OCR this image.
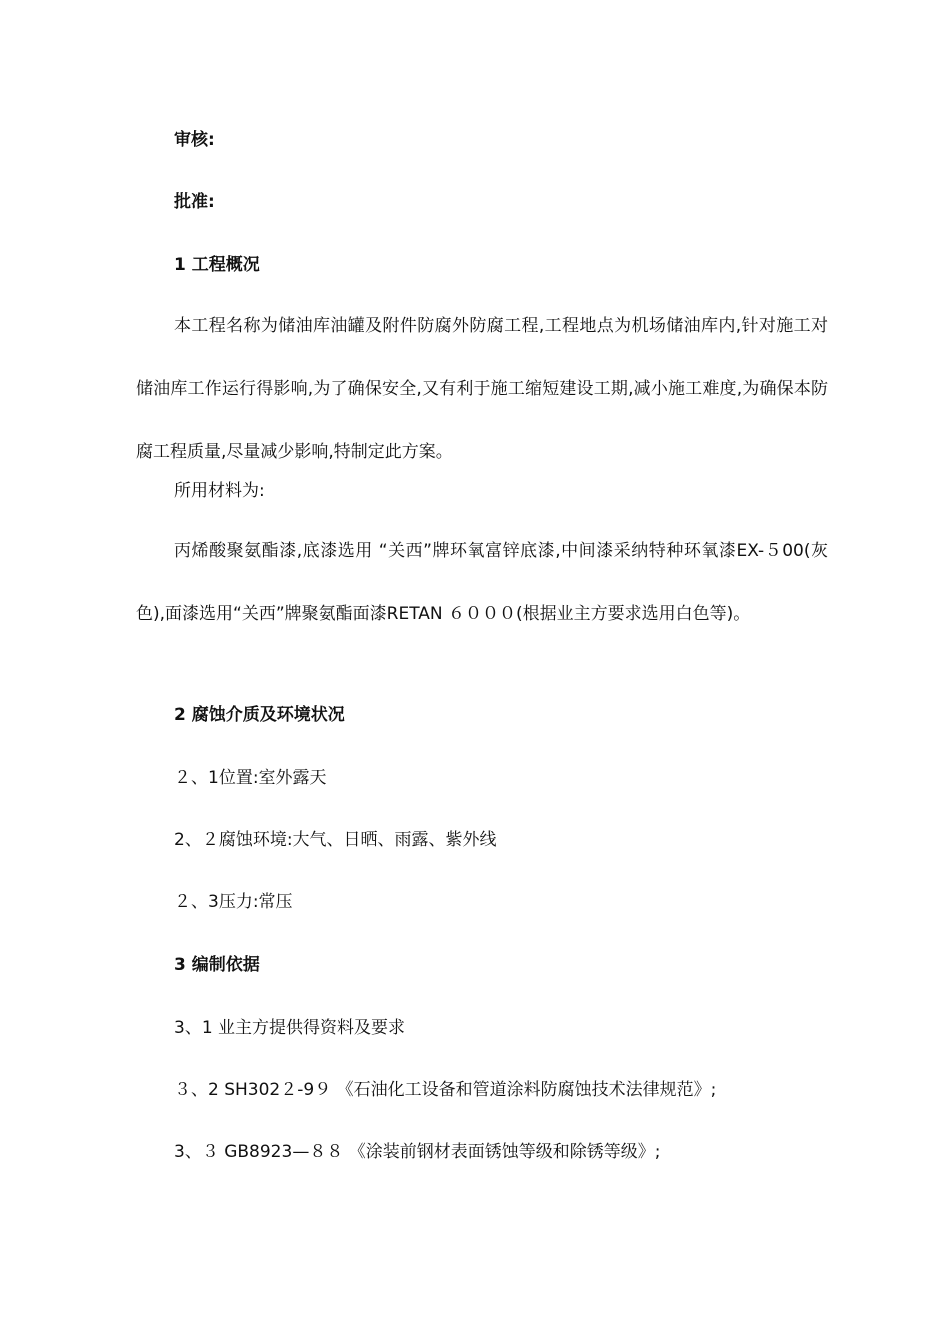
审核:
批准:
1 工程概况
本工程名称为储油库油罐及附件防腐外防腐工程,工程地点为机场储油库内,针对施工对储油库工作运行得影响,为了确保安全,又有利于施工缩短建设工期,减小施工难度,为确保本防腐工程质量,尽量减少影响,特制定此方案。
所用材料为:
丙烯酸聚氨酯漆,底漆选用 “关西”牌环氧富锌底漆,中间漆采纳特种环氧漆EX-５00(灰色),面漆选用“关西”牌聚氨酯面漆RETAN ６０００(根据业主方要求选用白色等)。
2 腐蚀介质及环境状况
２、1位置:室外露天
2、２腐蚀环境:大气、日晒、雨露、紫外线
２、3压力:常压
3 编制依据
3、1 业主方提供得资料及要求
３、2 SH302２-9９ 《石油化工设备和管道涂料防腐蚀技术法律规范》;
3、３ GB8923—８８ 《涂装前钢材表面锈蚀等级和除锈等级》;
